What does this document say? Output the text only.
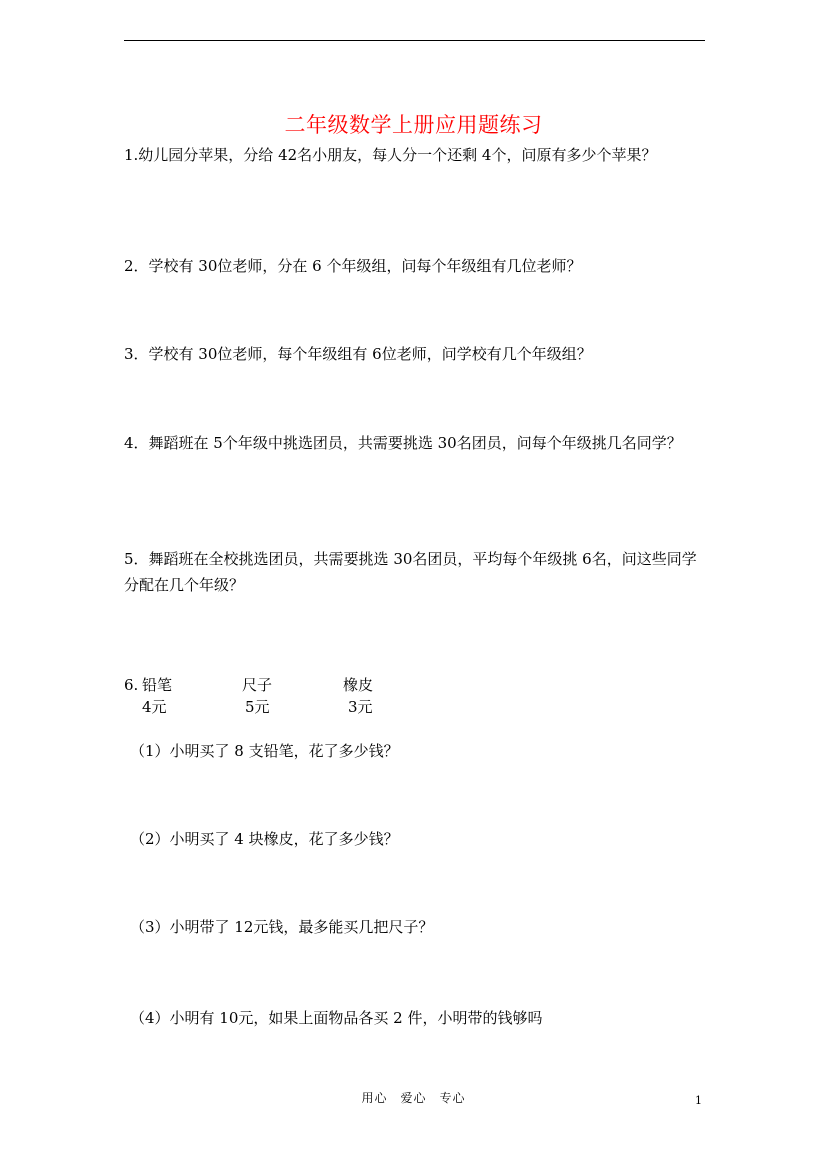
二年级数学上册应用题练习
1.幼儿园分苹果，分给 42名小朋友，每人分一个还剩 4个，问原有多少个苹果？
2．学校有 30位老师，分在 6 个年级组，问每个年级组有几位老师？
3．学校有 30位老师，每个年级组有 6位老师，问学校有几个年级组？
4．舞蹈班在 5个年级中挑选团员，共需要挑选 30名团员，问每个年级挑几名同学？
5．舞蹈班在全校挑选团员，共需要挑选 30名团员，平均每个年级挑 6名，问这些同学分配在几个年级？
6. 铅笔	尺子	橡皮
4元	5元	3元
（1）小明买了 8 支铅笔，花了多少钱？
（2）小明买了 4 块橡皮，花了多少钱？
（3）小明带了 12元钱，最多能买几把尺子？
（4）小明有 10元，如果上面物品各买 2 件，小明带的钱够吗
用心　爱心　专心	1
